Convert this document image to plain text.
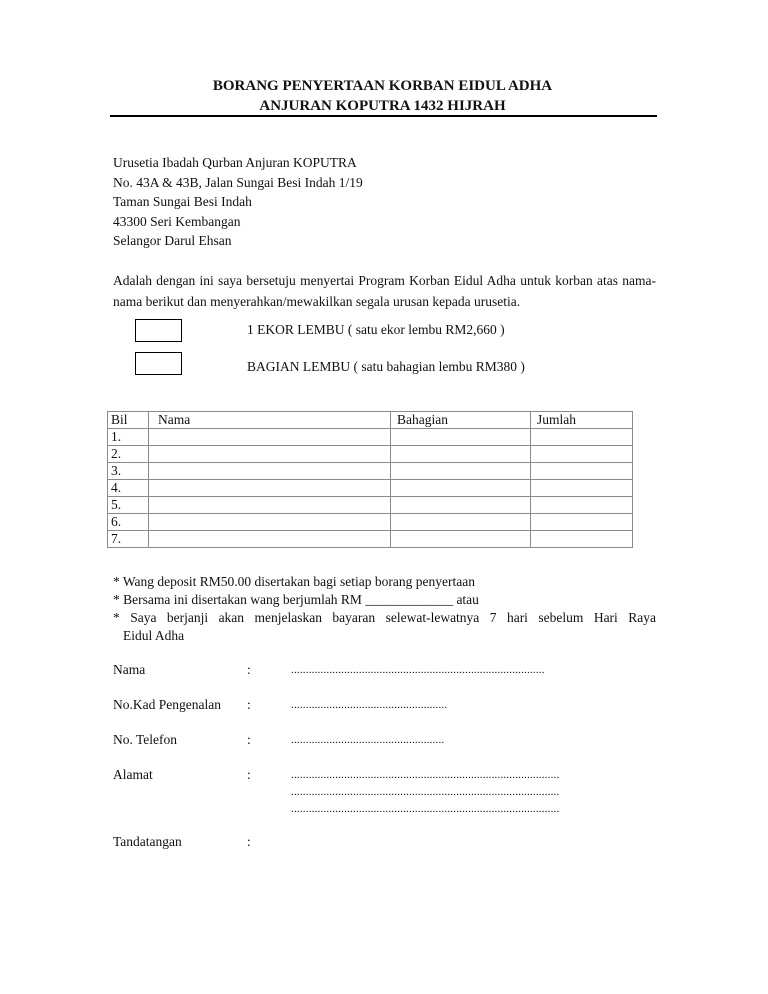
BORANG PENYERTAAN KORBAN EIDUL ADHA
ANJURAN KOPUTRA 1432 HIJRAH
Urusetia Ibadah Qurban Anjuran KOPUTRA
No. 43A & 43B, Jalan Sungai Besi Indah 1/19
Taman Sungai Besi Indah
43300 Seri Kembangan
Selangor Darul Ehsan
Adalah dengan ini saya bersetuju menyertai Program Korban Eidul Adha untuk korban atas nama-nama berikut dan menyerahkan/mewakilkan segala urusan kepada urusetia.
1 EKOR LEMBU ( satu ekor lembu RM2,660 )
BAGIAN LEMBU ( satu bahagian lembu RM380 )
Bil	Nama	Bahagian	Jumlah
1.			
2.			
3.			
4.			
5.			
6.			
7.			
* Wang deposit RM50.00 disertakan bagi setiap borang penyertaan
* Bersama ini disertakan wang berjumlah RM _____________ atau
* Saya berjanji akan menjelaskan bayaran selewat-lewatnya 7 hari sebelum Hari Raya
Eidul Adha
Nama	:	......................................................................................
No.Kad Pengenalan :	.....................................................
No. Telefon	:	....................................................
Alamat	:	...........................................................................................
...........................................................................................
...........................................................................................
Tandatangan	:
